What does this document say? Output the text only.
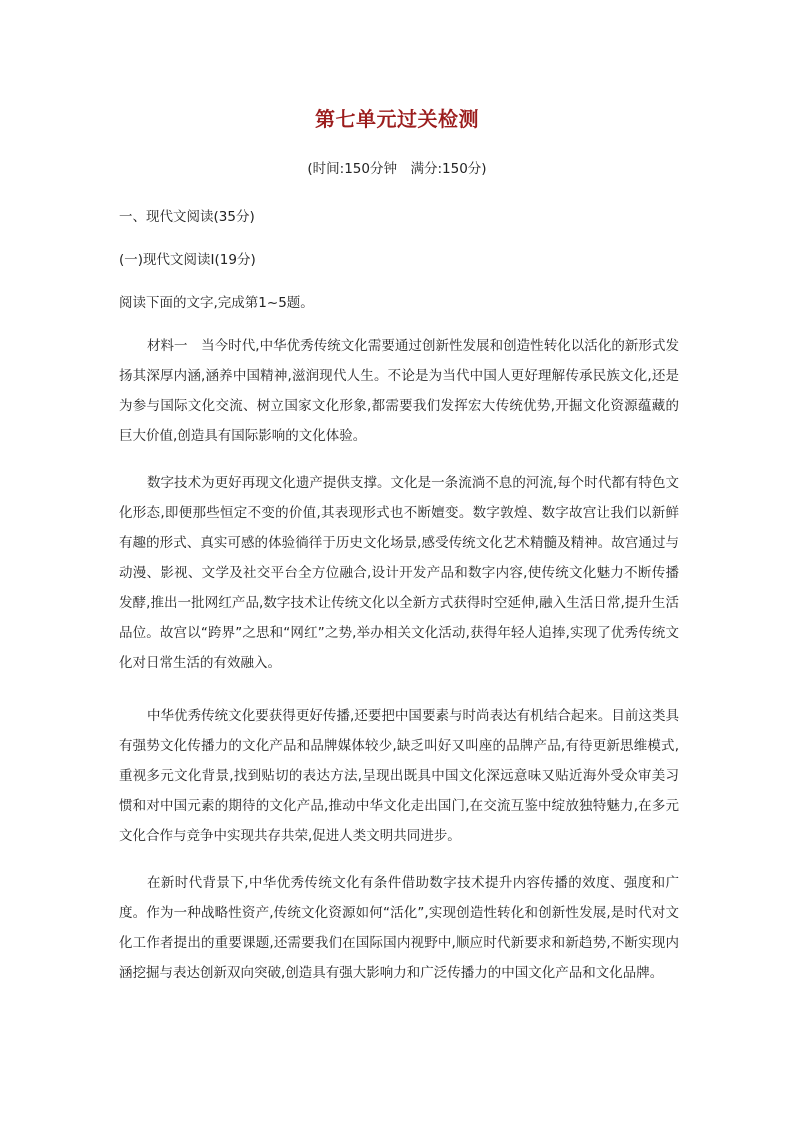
第七单元过关检测
(时间:150分钟　满分:150分)
一、现代文阅读(35分)
(一)现代文阅读Ⅰ(19分)
阅读下面的文字,完成第1~5题。
材料一　当今时代,中华优秀传统文化需要通过创新性发展和创造性转化以活化的新形式发扬其深厚内涵,涵养中国精神,滋润现代人生。不论是为当代中国人更好理解传承民族文化,还是为参与国际文化交流、树立国家文化形象,都需要我们发挥宏大传统优势,开掘文化资源蕴藏的巨大价值,创造具有国际影响的文化体验。
数字技术为更好再现文化遗产提供支撑。文化是一条流淌不息的河流,每个时代都有特色文化形态,即便那些恒定不变的价值,其表现形式也不断嬗变。数字敦煌、数字故宫让我们以新鲜有趣的形式、真实可感的体验徜徉于历史文化场景,感受传统文化艺术精髓及精神。故宫通过与动漫、影视、文学及社交平台全方位融合,设计开发产品和数字内容,使传统文化魅力不断传播发酵,推出一批网红产品,数字技术让传统文化以全新方式获得时空延伸,融入生活日常,提升生活品位。故宫以“跨界”之思和“网红”之势,举办相关文化活动,获得年轻人追捧,实现了优秀传统文化对日常生活的有效融入。
中华优秀传统文化要获得更好传播,还要把中国要素与时尚表达有机结合起来。目前这类具有强势文化传播力的文化产品和品牌媒体较少,缺乏叫好又叫座的品牌产品,有待更新思维模式,重视多元文化背景,找到贴切的表达方法,呈现出既具中国文化深远意味又贴近海外受众审美习惯和对中国元素的期待的文化产品,推动中华文化走出国门,在交流互鉴中绽放独特魅力,在多元文化合作与竞争中实现共存共荣,促进人类文明共同进步。
在新时代背景下,中华优秀传统文化有条件借助数字技术提升内容传播的效度、强度和广度。作为一种战略性资产,传统文化资源如何“活化”,实现创造性转化和创新性发展,是时代对文化工作者提出的重要课题,还需要我们在国际国内视野中,顺应时代新要求和新趋势,不断实现内涵挖掘与表达创新双向突破,创造具有强大影响力和广泛传播力的中国文化产品和文化品牌。
